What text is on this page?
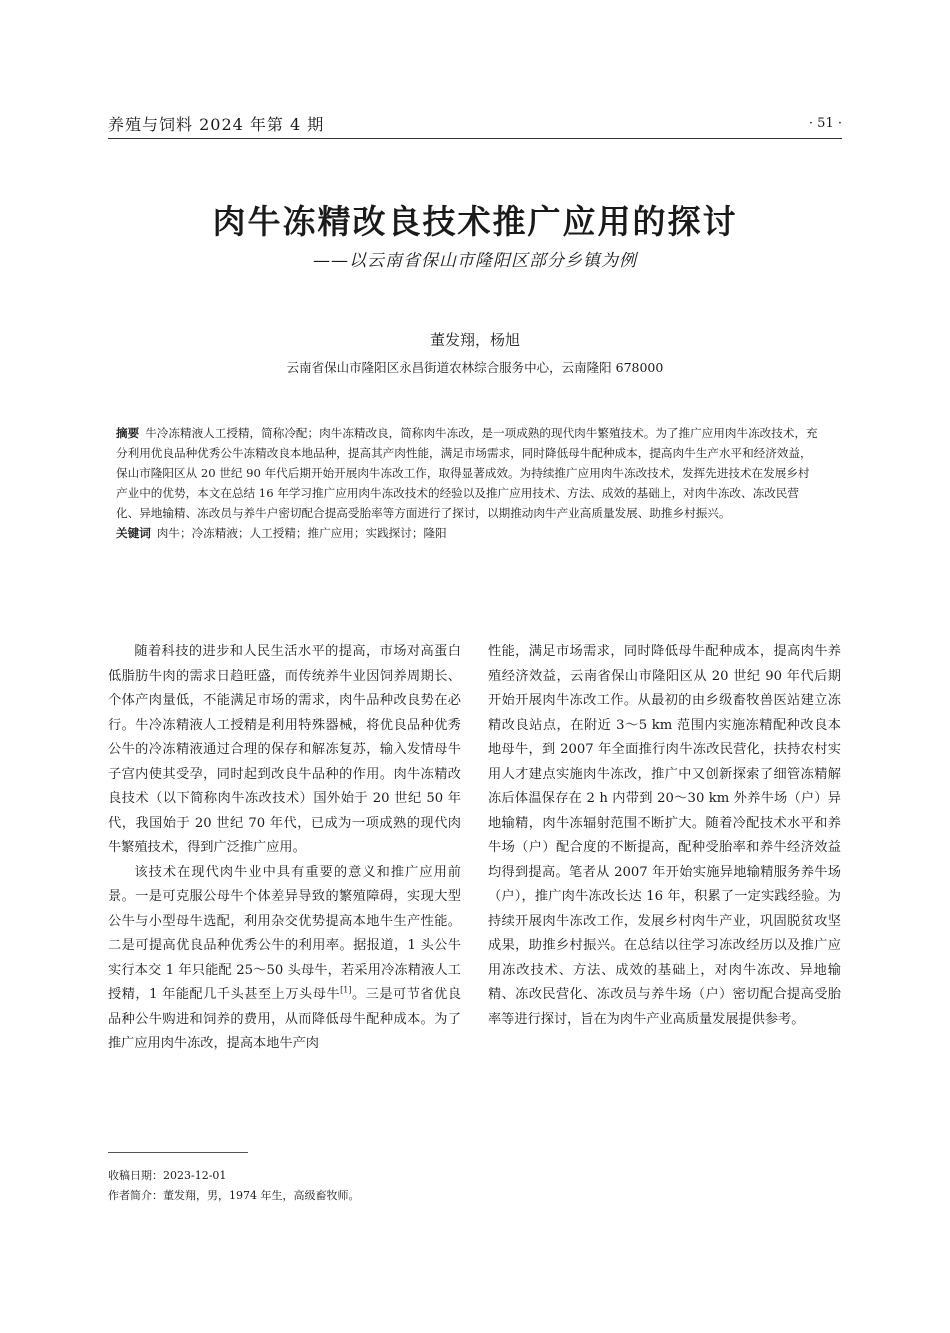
养殖与饲料 2024 年第 4 期	· 51 ·
肉牛冻精改良技术推广应用的探讨
——以云南省保山市隆阳区部分乡镇为例
董发翔，杨旭
云南省保山市隆阳区永昌街道农林综合服务中心，云南隆阳 678000
摘要 牛冷冻精液人工授精，简称冷配；肉牛冻精改良，简称肉牛冻改，是一项成熟的现代肉牛繁殖技术。为了推广应用肉牛冻改技术，充分利用优良品种优秀公牛冻精改良本地品种，提高其产肉性能，满足市场需求，同时降低母牛配种成本，提高肉牛生产水平和经济效益，保山市隆阳区从 20 世纪 90 年代后期开始开展肉牛冻改工作，取得显著成效。为持续推广应用肉牛冻改技术，发挥先进技术在发展乡村产业中的优势，本文在总结 16 年学习推广应用肉牛冻改技术的经验以及推广应用技术、方法、成效的基础上，对肉牛冻改、冻改民营化、异地输精、冻改员与养牛户密切配合提高受胎率等方面进行了探讨，以期推动肉牛产业高质量发展、助推乡村振兴。
关键词 肉牛；冷冻精液；人工授精；推广应用；实践探讨；隆阳

随着科技的进步和人民生活水平的提高，市场对高蛋白低脂肪牛肉的需求日趋旺盛，而传统养牛业因饲养周期长、个体产肉量低，不能满足市场的需求，肉牛品种改良势在必行。牛冷冻精液人工授精是利用特殊器械，将优良品种优秀公牛的冷冻精液通过合理的保存和解冻复苏，输入发情母牛子宫内使其受孕，同时起到改良牛品种的作用。肉牛冻精改良技术（以下简称肉牛冻改技术）国外始于 20 世纪 50 年代，我国始于 20 世纪 70 年代，已成为一项成熟的现代肉牛繁殖技术，得到广泛推广应用。

该技术在现代肉牛业中具有重要的意义和推广应用前景。一是可克服公母牛个体差异导致的繁殖障碍，实现大型公牛与小型母牛选配，利用杂交优势提高本地牛生产性能。二是可提高优良品种优秀公牛的利用率。据报道，1 头公牛实行本交 1 年只能配 25～50 头母牛，若采用冷冻精液人工授精，1 年能配几千头甚至上万头母牛[1]。三是可节省优良品种公牛购进和饲养的费用，从而降低母牛配种成本。为了推广应用肉牛冻改，提高本地牛产肉

性能，满足市场需求，同时降低母牛配种成本，提高肉牛养殖经济效益，云南省保山市隆阳区从 20 世纪 90 年代后期开始开展肉牛冻改工作。从最初的由乡级畜牧兽医站建立冻精改良站点，在附近 3～5 km 范围内实施冻精配种改良本地母牛，到 2007 年全面推行肉牛冻改民营化，扶持农村实用人才建点实施肉牛冻改，推广中又创新探索了细管冻精解冻后体温保存在 2 h 内带到 20～30 km 外养牛场（户）异地输精，肉牛冻辐射范围不断扩大。随着冷配技术水平和养牛场（户）配合度的不断提高，配种受胎率和养牛经济效益均得到提高。笔者从 2007 年开始实施异地输精服务养牛场（户），推广肉牛冻改长达 16 年，积累了一定实践经验。为持续开展肉牛冻改工作，发展乡村肉牛产业，巩固脱贫攻坚成果，助推乡村振兴。在总结以往学习冻改经历以及推广应用冻改技术、方法、成效的基础上，对肉牛冻改、异地输精、冻改民营化、冻改员与养牛场（户）密切配合提高受胎率等进行探讨，旨在为肉牛产业高质量发展提供参考。

收稿日期：2023-12-01
作者简介：董发翔，男，1974 年生，高级畜牧师。
